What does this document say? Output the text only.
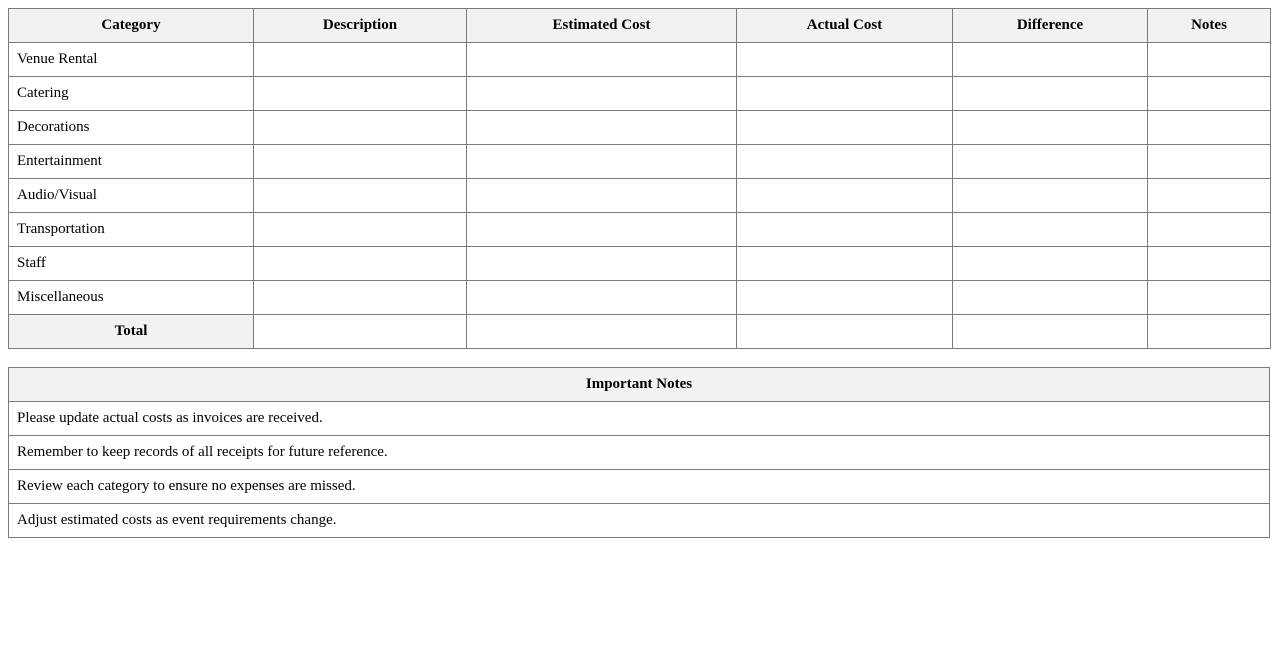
Category	Description	Estimated Cost	Actual Cost	Difference	Notes
Venue Rental					
Catering					
Decorations					
Entertainment					
Audio/Visual					
Transportation					
Staff					
Miscellaneous					
Total					
Important Notes
Please update actual costs as invoices are received.
Remember to keep records of all receipts for future reference.
Review each category to ensure no expenses are missed.
Adjust estimated costs as event requirements change.
